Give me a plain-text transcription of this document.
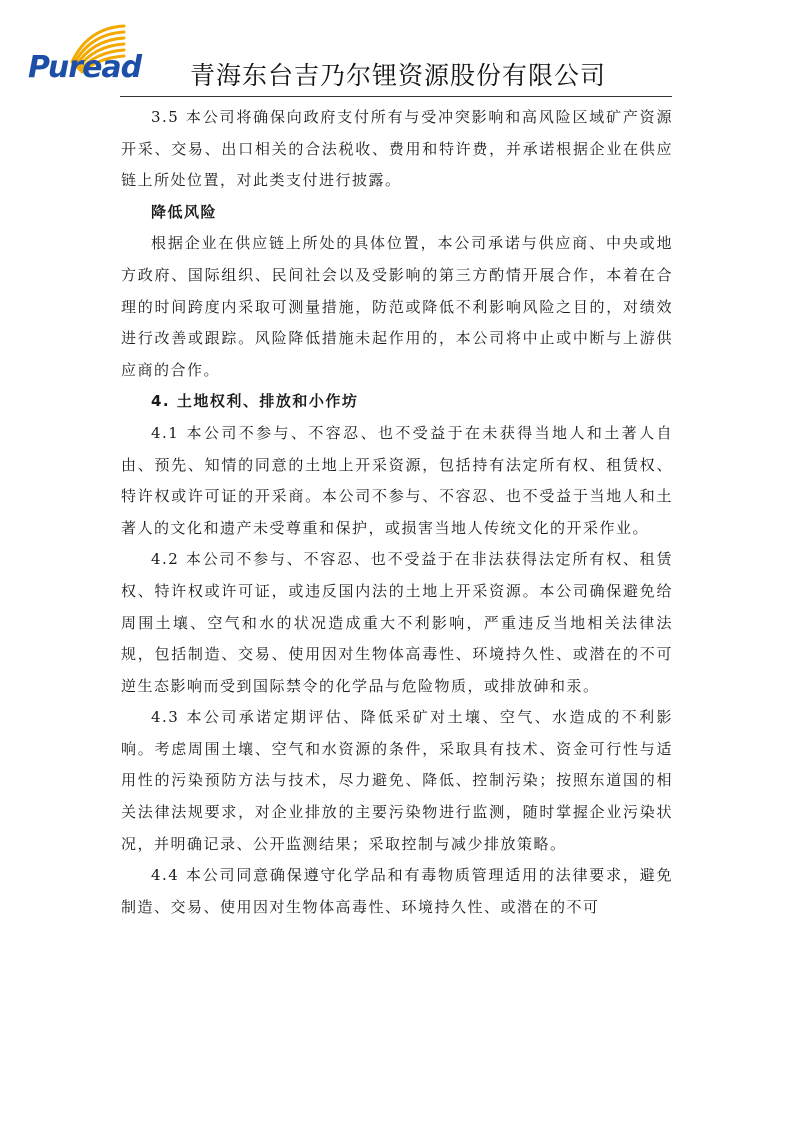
Puread 青海东台吉乃尔锂资源股份有限公司

3.5 本公司将确保向政府支付所有与受冲突影响和高风险区域矿产资源开采、交易、出口相关的合法税收、费用和特许费，并承诺根据企业在供应链上所处位置，对此类支付进行披露。

降低风险

根据企业在供应链上所处的具体位置，本公司承诺与供应商、中央或地方政府、国际组织、民间社会以及受影响的第三方酌情开展合作，本着在合理的时间跨度内采取可测量措施，防范或降低不利影响风险之目的，对绩效进行改善或跟踪。风险降低措施未起作用的，本公司将中止或中断与上游供应商的合作。

4. 土地权利、排放和小作坊

4.1 本公司不参与、不容忍、也不受益于在未获得当地人和土著人自由、预先、知情的同意的土地上开采资源，包括持有法定所有权、租赁权、特许权或许可证的开采商。本公司不参与、不容忍、也不受益于当地人和土著人的文化和遗产未受尊重和保护，或损害当地人传统文化的开采作业。

4.2 本公司不参与、不容忍、也不受益于在非法获得法定所有权、租赁权、特许权或许可证，或违反国内法的土地上开采资源。本公司确保避免给周围土壤、空气和水的状况造成重大不利影响，严重违反当地相关法律法规，包括制造、交易、使用因对生物体高毒性、环境持久性、或潜在的不可逆生态影响而受到国际禁令的化学品与危险物质，或排放砷和汞。

4.3 本公司承诺定期评估、降低采矿对土壤、空气、水造成的不利影响。考虑周围土壤、空气和水资源的条件，采取具有技术、资金可行性与适用性的污染预防方法与技术，尽力避免、降低、控制污染；按照东道国的相关法律法规要求，对企业排放的主要污染物进行监测，随时掌握企业污染状况，并明确记录、公开监测结果；采取控制与减少排放策略。

4.4 本公司同意确保遵守化学品和有毒物质管理适用的法律要求，避免制造、交易、使用因对生物体高毒性、环境持久性、或潜在的不可
